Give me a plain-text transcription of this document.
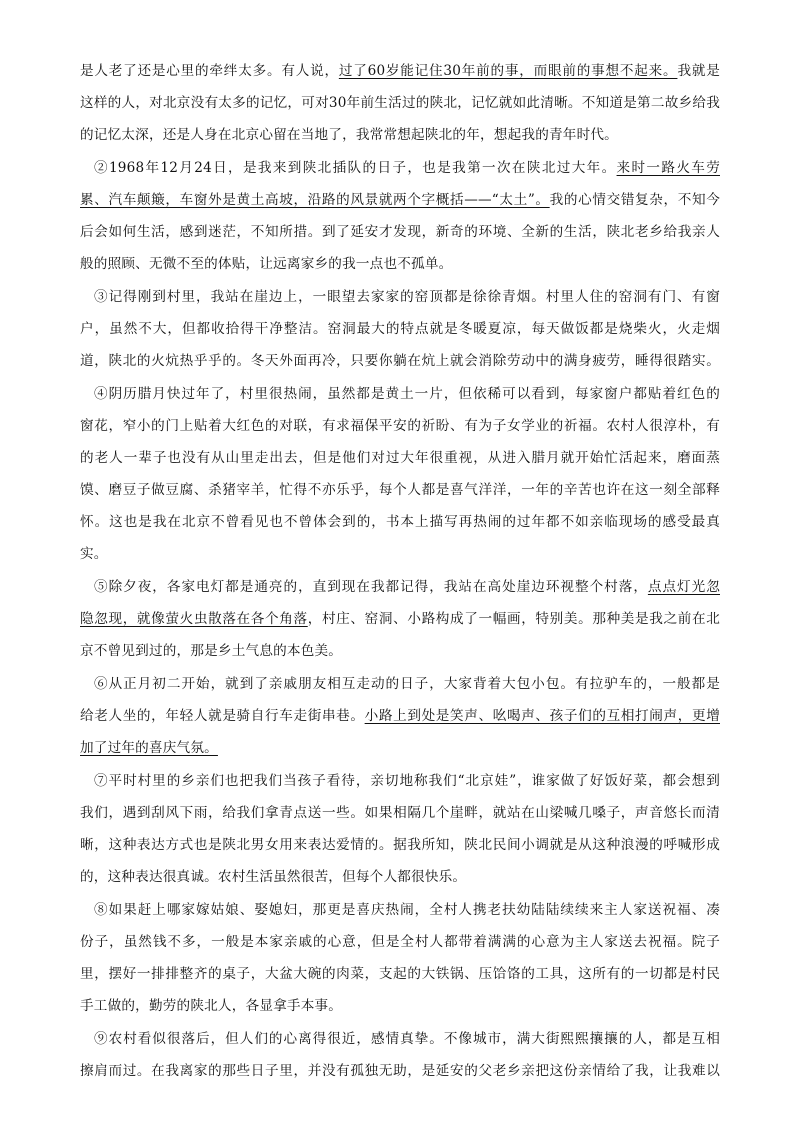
是人老了还是心里的牵绊太多。有人说，过了60岁能记住30年前的事，而眼前的事想不起来。我就是
这样的人，对北京没有太多的记忆，可对30年前生活过的陕北，记忆就如此清晰。不知道是第二故乡给我
的记忆太深，还是人身在北京心留在当地了，我常常想起陕北的年，想起我的青年时代。
②1968年12月24日，是我来到陕北插队的日子，也是我第一次在陕北过大年。来时一路火车劳
累、汽车颠簸，车窗外是黄土高坡，沿路的风景就两个字概括——“太土”。我的心情交错复杂，不知今
后会如何生活，感到迷茫，不知所措。到了延安才发现，新奇的环境、全新的生活，陕北老乡给我亲人
般的照顾、无微不至的体贴，让远离家乡的我一点也不孤单。
③记得刚到村里，我站在崖边上，一眼望去家家的窑顶都是徐徐青烟。村里人住的窑洞有门、有窗
户，虽然不大，但都收拾得干净整洁。窑洞最大的特点就是冬暖夏凉，每天做饭都是烧柴火，火走烟
道，陕北的火炕热乎乎的。冬天外面再冷，只要你躺在炕上就会消除劳动中的满身疲劳，睡得很踏实。
④阴历腊月快过年了，村里很热闹，虽然都是黄土一片，但依稀可以看到，每家窗户都贴着红色的
窗花，窄小的门上贴着大红色的对联，有求福保平安的祈盼、有为子女学业的祈福。农村人很淳朴，有
的老人一辈子也没有从山里走出去，但是他们对过大年很重视，从进入腊月就开始忙活起来，磨面蒸
馍、磨豆子做豆腐、杀猪宰羊，忙得不亦乐乎，每个人都是喜气洋洋，一年的辛苦也许在这一刻全部释
怀。这也是我在北京不曾看见也不曾体会到的，书本上描写再热闹的过年都不如亲临现场的感受最真
实。
⑤除夕夜，各家电灯都是通亮的，直到现在我都记得，我站在高处崖边环视整个村落，点点灯光忽
隐忽现，就像萤火虫散落在各个角落，村庄、窑洞、小路构成了一幅画，特别美。那种美是我之前在北
京不曾见到过的，那是乡土气息的本色美。
⑥从正月初二开始，就到了亲戚朋友相互走动的日子，大家背着大包小包。有拉驴车的，一般都是
给老人坐的，年轻人就是骑自行车走街串巷。小路上到处是笑声、吆喝声、孩子们的互相打闹声，更增
加了过年的喜庆气氛。
⑦平时村里的乡亲们也把我们当孩子看待，亲切地称我们“北京娃”，谁家做了好饭好菜，都会想到
我们，遇到刮风下雨，给我们拿青点送一些。如果相隔几个崖畔，就站在山梁喊几嗓子，声音悠长而清
晰，这种表达方式也是陕北男女用来表达爱情的。据我所知，陕北民间小调就是从这种浪漫的呼喊形成
的，这种表达很真诚。农村生活虽然很苦，但每个人都很快乐。
⑧如果赶上哪家嫁姑娘、娶媳妇，那更是喜庆热闹，全村人携老扶幼陆陆续续来主人家送祝福、凑
份子，虽然钱不多，一般是本家亲戚的心意，但是全村人都带着满满的心意为主人家送去祝福。院子
里，摆好一排排整齐的桌子，大盆大碗的肉菜，支起的大铁锅、压饸饹的工具，这所有的一切都是村民
手工做的，勤劳的陕北人，各显拿手本事。
⑨农村看似很落后，但人们的心离得很近，感情真挚。不像城市，满大街熙熙攘攘的人，都是互相
擦肩而过。在我离家的那些日子里，并没有孤独无助，是延安的父老乡亲把这份亲情给了我，让我难以
